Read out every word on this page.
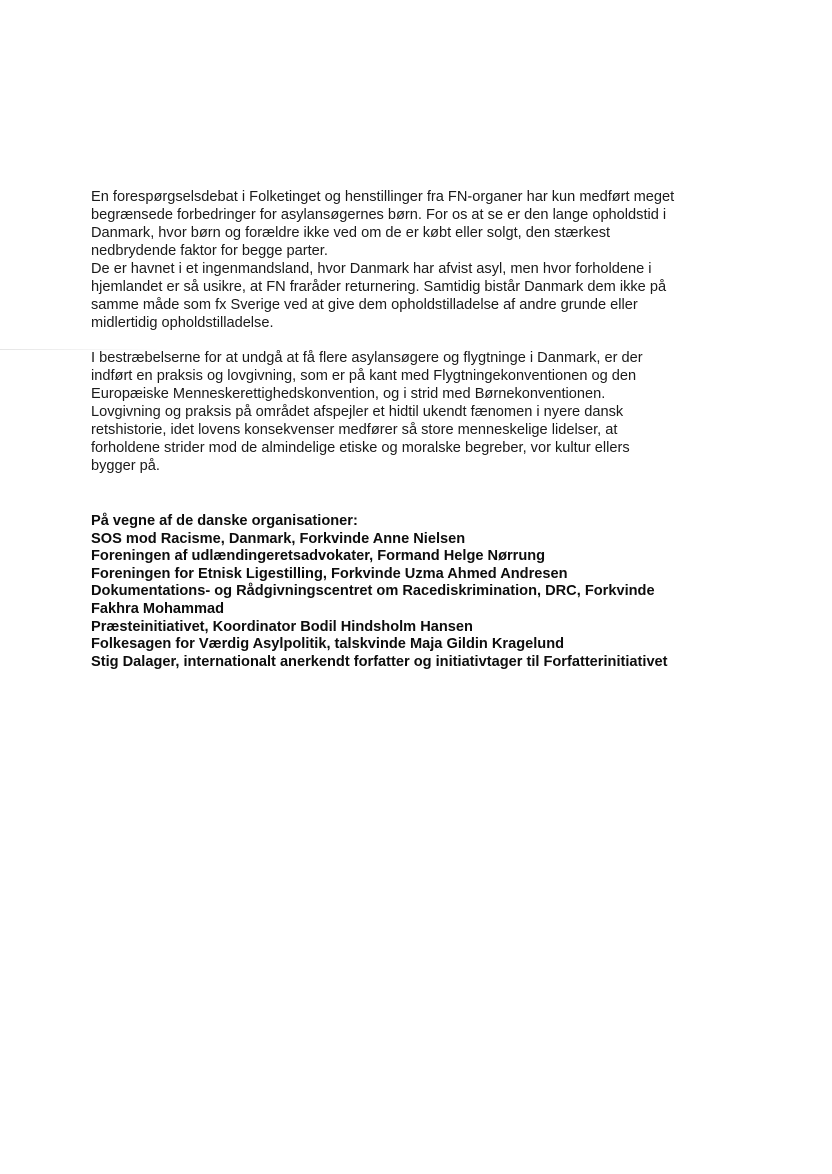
En forespørgselsdebat i Folketinget og henstillinger fra FN-organer har kun medført meget
begrænsede forbedringer for asylansøgernes børn. For os at se er den lange opholdstid i
Danmark, hvor børn og forældre ikke ved om de er købt eller solgt, den stærkest
nedbrydende faktor for begge parter.

De er havnet i et ingenmandsland, hvor Danmark har afvist asyl, men hvor forholdene i
hjemlandet er så usikre, at FN fraråder returnering. Samtidig bistår Danmark dem ikke på
samme måde som fx Sverige ved at give dem opholdstilladelse af andre grunde eller
midlertidig opholdstilladelse.

I bestræbelserne for at undgå at få flere asylansøgere og flygtninge i Danmark, er der
indført en praksis og lovgivning, som er på kant med Flygtningekonventionen og den
Europæiske Menneskerettighedskonvention, og i strid med Børnekonventionen.
Lovgivning og praksis på området afspejler et hidtil ukendt fænomen i nyere dansk
retshistorie, idet lovens konsekvenser medfører så store menneskelige lidelser, at
forholdene strider mod de almindelige etiske og moralske begreber, vor kultur ellers
bygger på.

På vegne af de danske organisationer:
SOS mod Racisme, Danmark, Forkvinde Anne Nielsen
Foreningen af udlændingeretsadvokater, Formand Helge Nørrung
Foreningen for Etnisk Ligestilling, Forkvinde Uzma Ahmed Andresen
Dokumentations- og Rådgivningscentret om Racediskrimination, DRC, Forkvinde
Fakhra Mohammad
Præsteinitiativet, Koordinator Bodil Hindsholm Hansen
Folkesagen for Værdig Asylpolitik, talskvinde Maja Gildin Kragelund
Stig Dalager, internationalt anerkendt forfatter og initiativtager til Forfatterinitiativet
